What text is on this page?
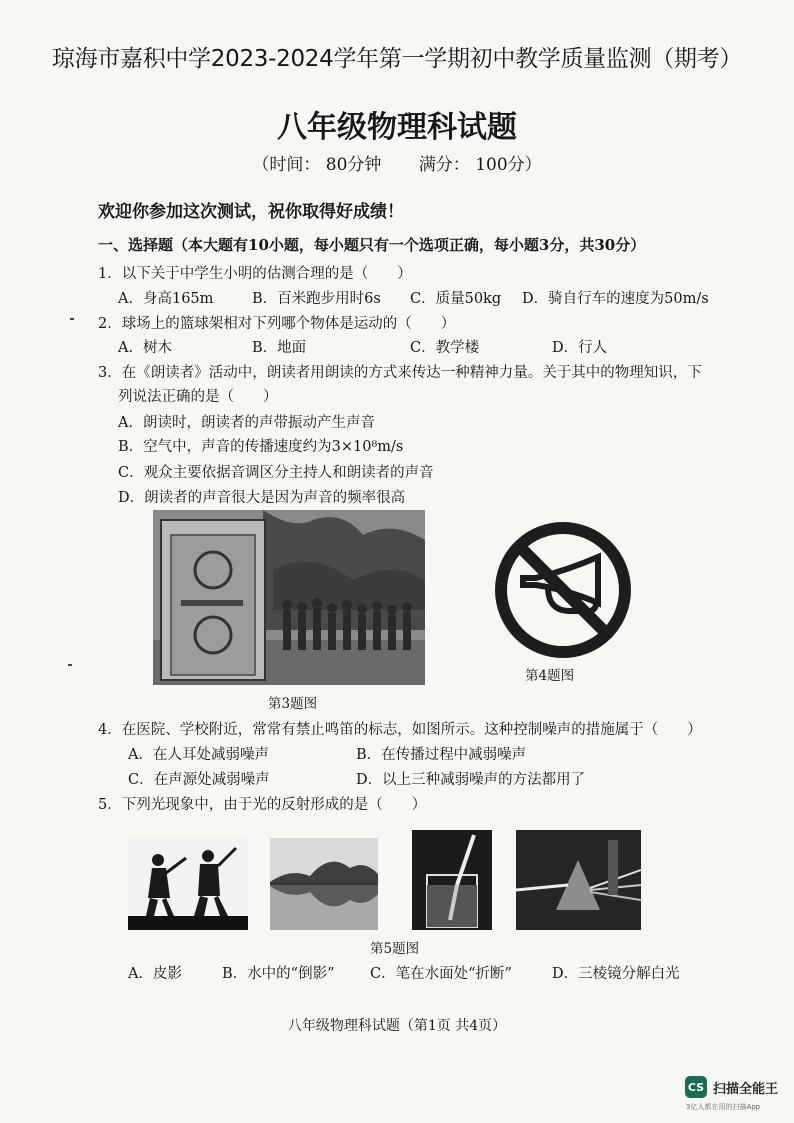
琼海市嘉积中学2023-2024学年第一学期初中教学质量监测（期考）
八年级物理科试题
（时间： 80分钟 满分： 100分）
欢迎你参加这次测试，祝你取得好成绩！
一、选择题（本大题有10小题，每小题只有一个选项正确，每小题3分，共30分）
1．以下关于中学生小明的估测合理的是（　　）
A．身高165m	B．百米跑步用时6s C．质量50kg D．骑自行车的速度为50m/s
2．球场上的篮球架相对下列哪个物体是运动的（　　）
A．树木	B．地面	C．教学楼	D．行人
3．在《朗读者》活动中，朗读者用朗读的方式来传达一种精神力量。关于其中的物理知识，下
列说法正确的是（　　）
A．朗读时，朗读者的声带振动产生声音
B．空气中，声音的传播速度约为3×10⁸m/s
C．观众主要依据音调区分主持人和朗读者的声音
D．朗读者的声音很大是因为声音的频率很高
第3题图
第4题图
4．在医院、学校附近，常常有禁止鸣笛的标志，如图所示。这种控制噪声的措施属于（　　）
A．在人耳处减弱噪声	B．在传播过程中减弱噪声
C．在声源处减弱噪声	D．以上三种减弱噪声的方法都用了
5．下列光现象中，由于光的反射形成的是（　　）
第5题图
A．皮影	B．水中的“倒影” C．笔在水面处“折断”	D．三棱镜分解白光
八年级物理科试题（第1页 共4页）
CS 扫描全能王
3亿人都在用的扫描App
